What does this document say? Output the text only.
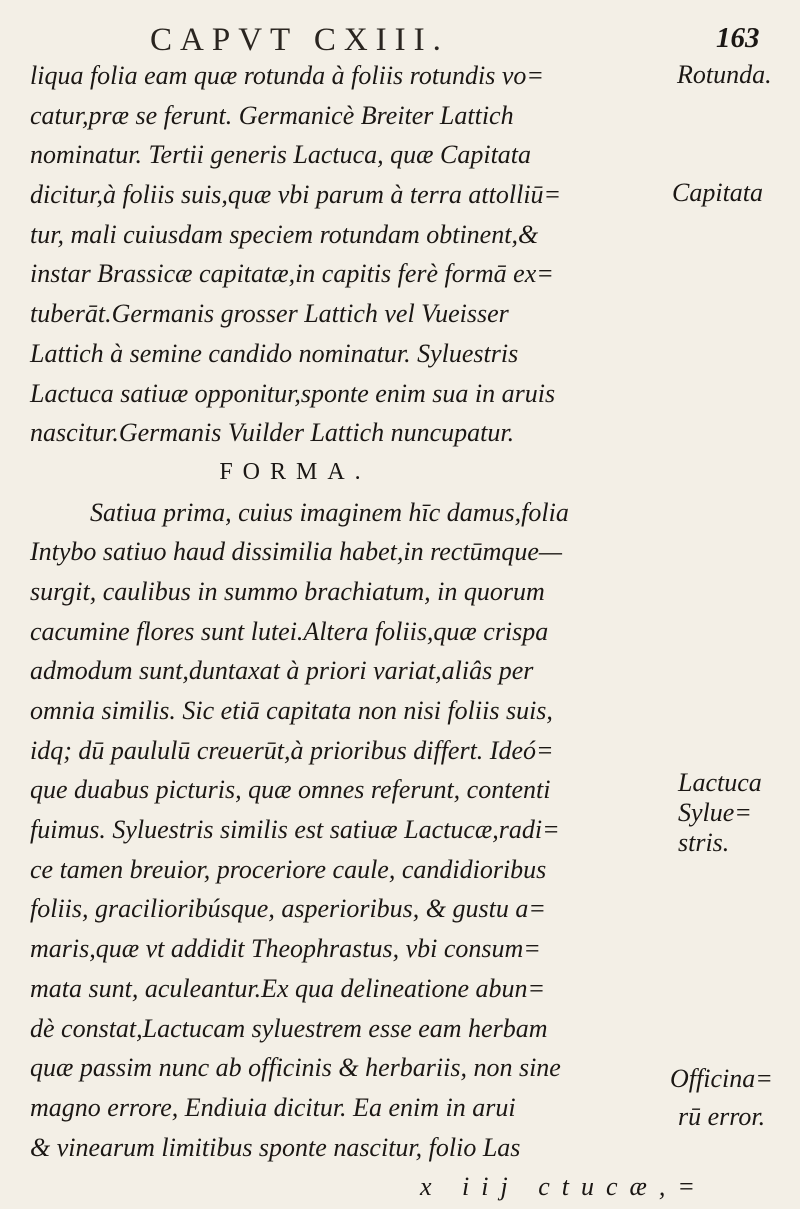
CAPVT CXIII.	163
liqua folia eam quæ rotunda à foliis rotundis vo=
catur,præ se ferunt. Germanicè Breiter Lattich
nominatur. Tertii generis Lactuca, quæ Capitata
dicitur,à foliis suis,quæ vbi parum à terra attolliū=
tur, mali cuiusdam speciem rotundam obtinent,&
instar Brassicæ capitatæ,in capitis ferè formā ex=
tuberāt.Germanis grosser Lattich vel Vueisser
Lattich à semine candido nominatur. Syluestris
Lactuca satiuæ opponitur,sponte enim sua in aruis
nascitur.Germanis Vuilder Lattich nuncupatur.
FORMA.
Satiua prima, cuius imaginem hīc damus,folia
Intybo satiuo haud dissimilia habet,in rectūmque—
surgit, caulibus in summo brachiatum, in quorum
cacumine flores sunt lutei.Altera foliis,quæ crispa
admodum sunt,duntaxat à priori variat,aliâs per
omnia similis. Sic etiā capitata non nisi foliis suis,
idq; dū paululū creuerūt,à prioribus differt. Ideó=
que duabus picturis, quæ omnes referunt, contenti
fuimus. Syluestris similis est satiuæ Lactucæ,radi=
ce tamen breuior, proceriore caule, candidioribus
foliis, gracilioribúsque, asperioribus, & gustu a=
maris,quæ vt addidit Theophrastus, vbi consum=
mata sunt, aculeantur.Ex qua delineatione abun=
dè constat,Lactucam syluestrem esse eam herbam
quæ passim nunc ab officinis & herbariis, non sine
magno errore, Endiuia dicitur. Ea enim in arui
& vinearum limitibus sponte nascitur, folio Las
x iij ctucæ,=
Rotunda.
Capitata
Lactuca
Sylue=
stris.
Officina=
rū error.
